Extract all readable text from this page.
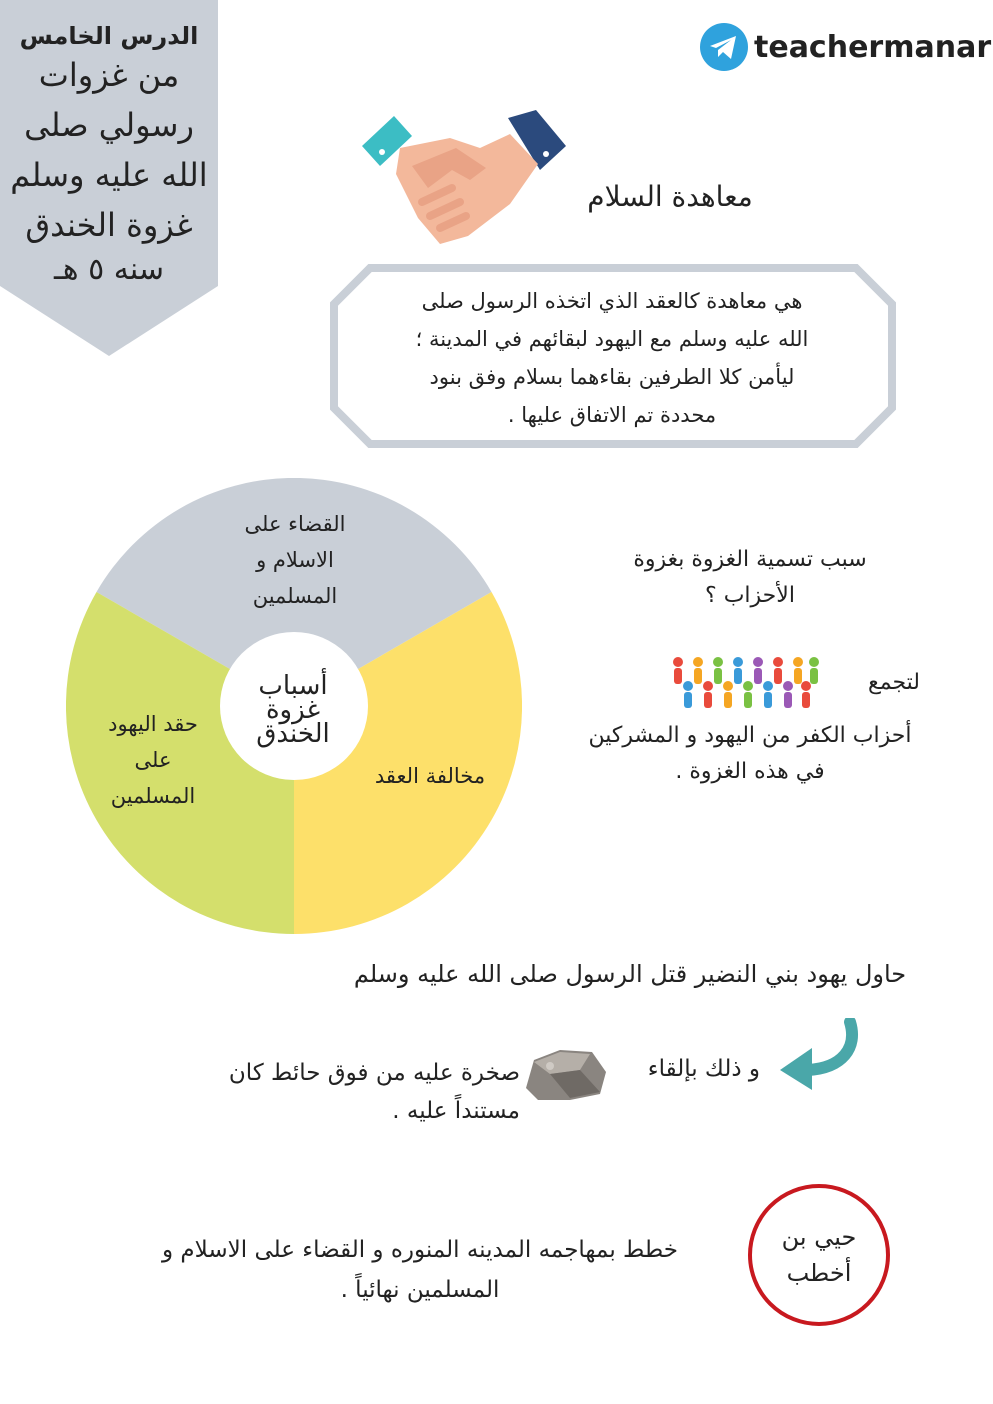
الدرس الخامس
من غزوات
رسولي صلى
الله عليه وسلم
غزوة الخندق
سنه ٥ هـ
teachermanar
معاهدة السلام
هي معاهدة كالعقد الذي اتخذه الرسول صلى
الله عليه وسلم مع اليهود لبقائهم في المدينة ؛
ليأمن كلا الطرفين بقاءهما بسلام وفق بنود
محددة تم الاتفاق عليها .
القضاء على
الاسلام و
المسلمين
مخالفة العقد
حقد اليهود
على
المسلمين
أسباب
غزوة
الخندق
سبب تسمية الغزوة بغزوة
الأحزاب ؟
لتجمع
أحزاب الكفر من اليهود و المشركين
في هذه الغزوة .
حاول يهود بني النضير قتل الرسول صلى الله عليه وسلم
و ذلك بإلقاء
صخرة عليه من فوق حائط كان
مستنداً عليه .
حيي بن
أخطب
خطط بمهاجمه المدينه المنوره و القضاء على الاسلام و
المسلمين نهائياً .
